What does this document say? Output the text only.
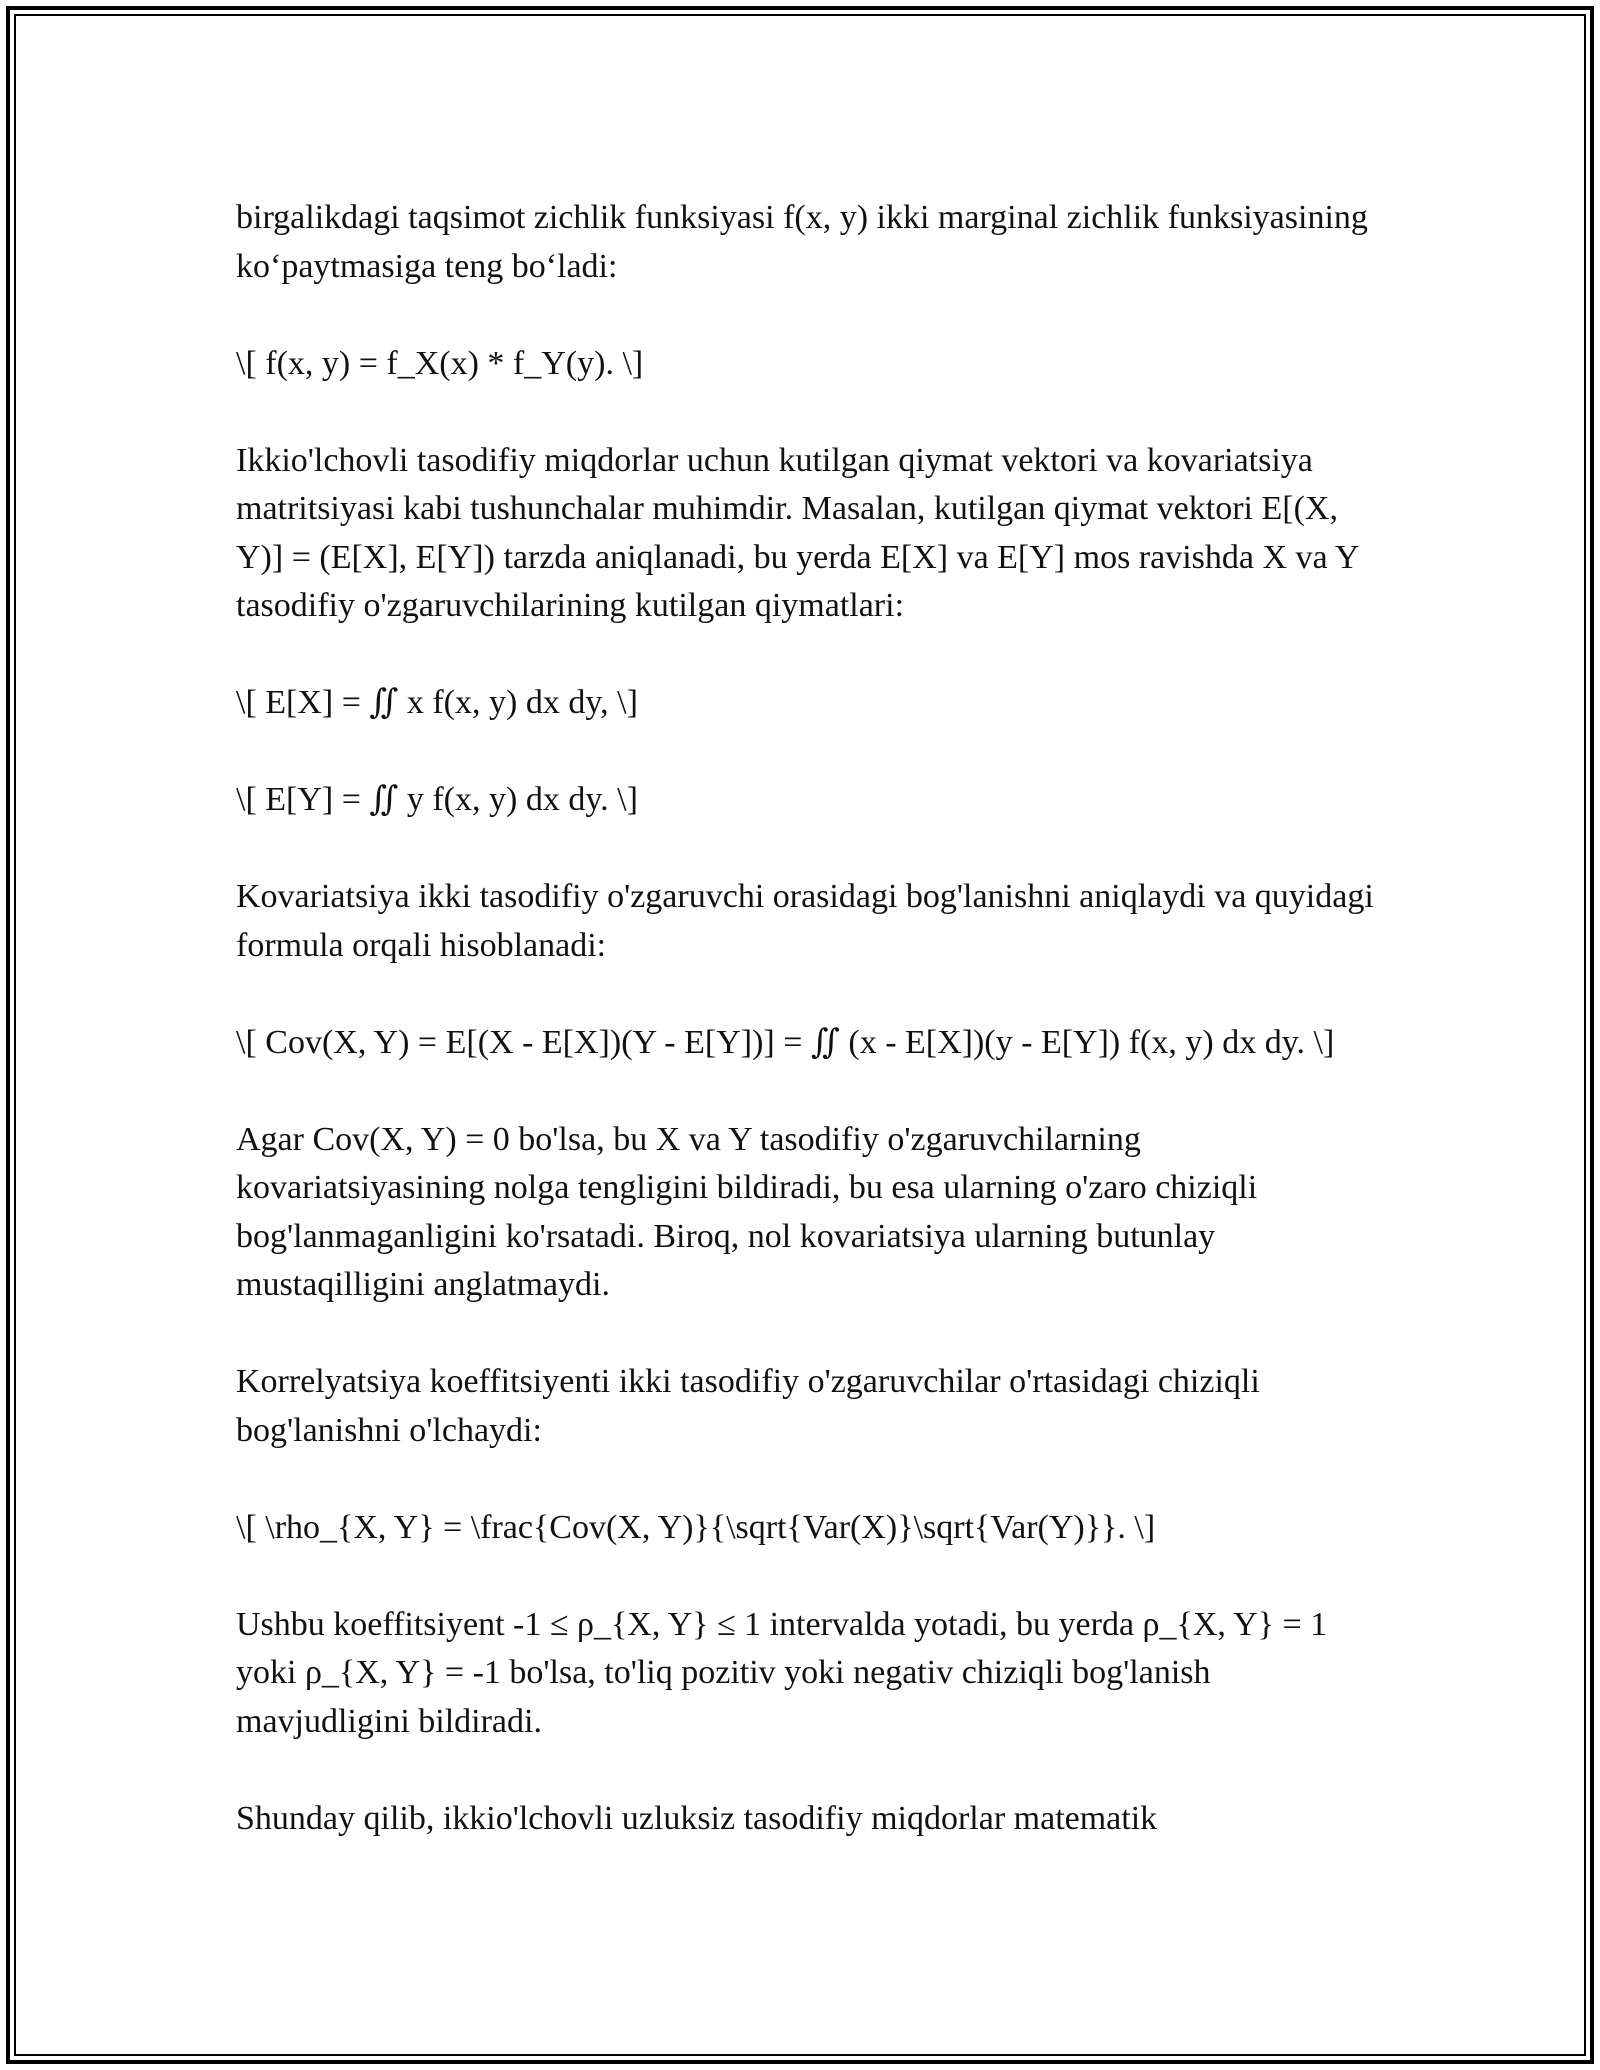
birgalikdagi taqsimot zichlik funksiyasi f(x, y) ikki marginal zichlik funksiyasining ko‘paytmasiga teng bo‘ladi:

\[ f(x, y) = f_X(x) * f_Y(y). \]

Ikkio'lchovli tasodifiy miqdorlar uchun kutilgan qiymat vektori va kovariatsiya matritsiyasi kabi tushunchalar muhimdir. Masalan, kutilgan qiymat vektori E[(X, Y)] = (E[X], E[Y]) tarzda aniqlanadi, bu yerda E[X] va E[Y] mos ravishda X va Y tasodifiy o'zgaruvchilarining kutilgan qiymatlari:

\[ E[X] = ∬ x f(x, y) dx dy, \]

\[ E[Y] = ∬ y f(x, y) dx dy. \]

Kovariatsiya ikki tasodifiy o'zgaruvchi orasidagi bog'lanishni aniqlaydi va quyidagi formula orqali hisoblanadi:

\[ Cov(X, Y) = E[(X - E[X])(Y - E[Y])] = ∬ (x - E[X])(y - E[Y]) f(x, y) dx dy. \]

Agar Cov(X, Y) = 0 bo'lsa, bu X va Y tasodifiy o'zgaruvchilarning kovariatsiyasining nolga tengligini bildiradi, bu esa ularning o'zaro chiziqli bog'lanmaganligini ko'rsatadi. Biroq, nol kovariatsiya ularning butunlay mustaqilligini anglatmaydi.

Korrelyatsiya koeffitsiyenti ikki tasodifiy o'zgaruvchilar o'rtasidagi chiziqli bog'lanishni o'lchaydi:

\[ \rho_{X, Y} = \frac{Cov(X, Y)}{\sqrt{Var(X)}\sqrt{Var(Y)}}. \]

Ushbu koeffitsiyent -1 ≤ ρ_{X, Y} ≤ 1 intervalda yotadi, bu yerda ρ_{X, Y} = 1 yoki ρ_{X, Y} = -1 bo'lsa, to'liq pozitiv yoki negativ chiziqli bog'lanish mavjudligini bildiradi.

Shunday qilib, ikkio'lchovli uzluksiz tasodifiy miqdorlar matematik
